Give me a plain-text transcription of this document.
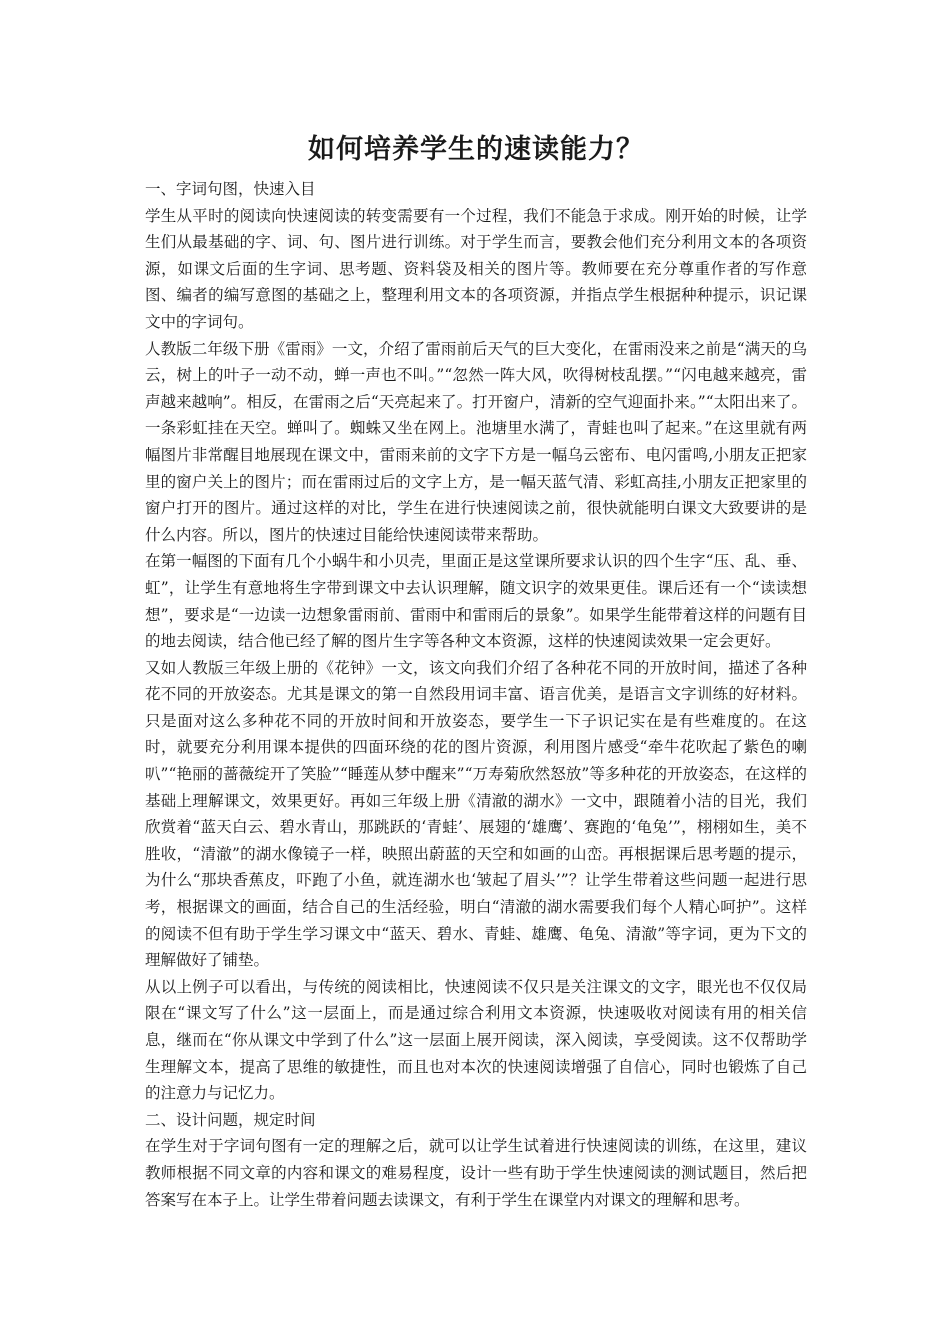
如何培养学生的速读能力？

一、字词句图，快速入目

学生从平时的阅读向快速阅读的转变需要有一个过程，我们不能急于求成。刚开始的时候，让学生们从最基础的字、词、句、图片进行训练。对于学生而言，要教会他们充分利用文本的各项资源，如课文后面的生字词、思考题、资料袋及相关的图片等。教师要在充分尊重作者的写作意图、编者的编写意图的基础之上，整理利用文本的各项资源，并指点学生根据种种提示，识记课文中的字词句。

人教版二年级下册《雷雨》一文，介绍了雷雨前后天气的巨大变化，在雷雨没来之前是“满天的乌云，树上的叶子一动不动，蝉一声也不叫。”“忽然一阵大风，吹得树枝乱摆。”“闪电越来越亮，雷声越来越响”。相反，在雷雨之后“天亮起来了。打开窗户，清新的空气迎面扑来。”“太阳出来了。一条彩虹挂在天空。蝉叫了。蜘蛛又坐在网上。池塘里水满了，青蛙也叫了起来。”在这里就有两幅图片非常醒目地展现在课文中，雷雨来前的文字下方是一幅乌云密布、电闪雷鸣,小朋友正把家里的窗户关上的图片；而在雷雨过后的文字上方，是一幅天蓝气清、彩虹高挂,小朋友正把家里的窗户打开的图片。通过这样的对比，学生在进行快速阅读之前，很快就能明白课文大致要讲的是什么内容。所以，图片的快速过目能给快速阅读带来帮助。

在第一幅图的下面有几个小蜗牛和小贝壳，里面正是这堂课所要求认识的四个生字“压、乱、垂、虹”，让学生有意地将生字带到课文中去认识理解，随文识字的效果更佳。课后还有一个“读读想想”，要求是“一边读一边想象雷雨前、雷雨中和雷雨后的景象”。如果学生能带着这样的问题有目的地去阅读，结合他已经了解的图片生字等各种文本资源，这样的快速阅读效果一定会更好。

又如人教版三年级上册的《花钟》一文，该文向我们介绍了各种花不同的开放时间，描述了各种花不同的开放姿态。尤其是课文的第一自然段用词丰富、语言优美，是语言文字训练的好材料。只是面对这么多种花不同的开放时间和开放姿态，要学生一下子识记实在是有些难度的。在这时，就要充分利用课本提供的四面环绕的花的图片资源，利用图片感受“牵牛花吹起了紫色的喇叭”“艳丽的蔷薇绽开了笑脸”“睡莲从梦中醒来”“万寿菊欣然怒放”等多种花的开放姿态，在这样的基础上理解课文，效果更好。再如三年级上册《清澈的湖水》一文中，跟随着小洁的目光，我们欣赏着“蓝天白云、碧水青山，那跳跃的‘青蛙’、展翅的‘雄鹰’、赛跑的‘龟兔’”，栩栩如生，美不胜收，“清澈”的湖水像镜子一样，映照出蔚蓝的天空和如画的山峦。再根据课后思考题的提示，为什么“那块香蕉皮，吓跑了小鱼，就连湖水也‘皱起了眉头’”？让学生带着这些问题一起进行思考，根据课文的画面，结合自己的生活经验，明白“清澈的湖水需要我们每个人精心呵护”。这样的阅读不但有助于学生学习课文中“蓝天、碧水、青蛙、雄鹰、龟兔、清澈”等字词，更为下文的理解做好了铺垫。

从以上例子可以看出，与传统的阅读相比，快速阅读不仅只是关注课文的文字，眼光也不仅仅局限在“课文写了什么”这一层面上，而是通过综合利用文本资源，快速吸收对阅读有用的相关信息，继而在“你从课文中学到了什么”这一层面上展开阅读，深入阅读，享受阅读。这不仅帮助学生理解文本，提高了思维的敏捷性，而且也对本次的快速阅读增强了自信心，同时也锻炼了自己的注意力与记忆力。

二、设计问题，规定时间

在学生对于字词句图有一定的理解之后，就可以让学生试着进行快速阅读的训练，在这里，建议教师根据不同文章的内容和课文的难易程度，设计一些有助于学生快速阅读的测试题目，然后把答案写在本子上。让学生带着问题去读课文，有利于学生在课堂内对课文的理解和思考。
